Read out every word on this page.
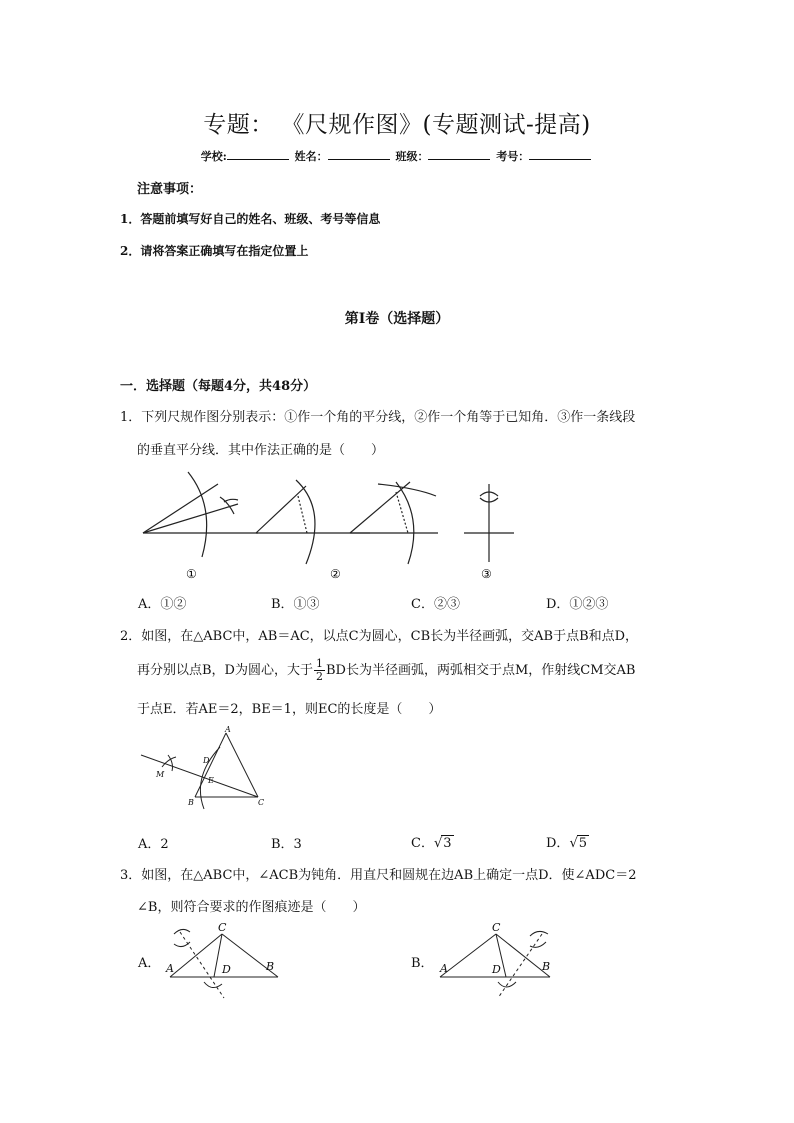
专题： 《尺规作图》(专题测试-提高)
学校:	姓名：	班级：	考号：
注意事项：
1．答题前填写好自己的姓名、班级、考号等信息
2．请将答案正确填写在指定位置上
第Ⅰ卷（选择题）
一．选择题（每题4分，共48分）
1．下列尺规作图分别表示：①作一个角的平分线，②作一个角等于已知角．③作一条线段
的垂直平分线．其中作法正确的是（　　）
①	②	③
A．①②	B．①③	C．②③	D．①②③
2．如图，在△ABC中，AB＝AC，以点C为圆心，CB长为半径画弧，交AB于点B和点D，
再分别以点B，D为圆心，大于 $\frac{1}{2}$ BD长为半径画弧，两弧相交于点M，作射线CM交AB
于点E．若AE＝2，BE＝1，则EC的长度是（　　）
A
D
E
M
B	C
A．2	B．3	C．√3	D．√5
3．如图，在△ABC中，∠ACB为钝角．用直尺和圆规在边AB上确定一点D．使∠ADC＝2
∠B，则符合要求的作图痕迹是（　　）
A．
C
A	D	B	B．
C
A	D	B
